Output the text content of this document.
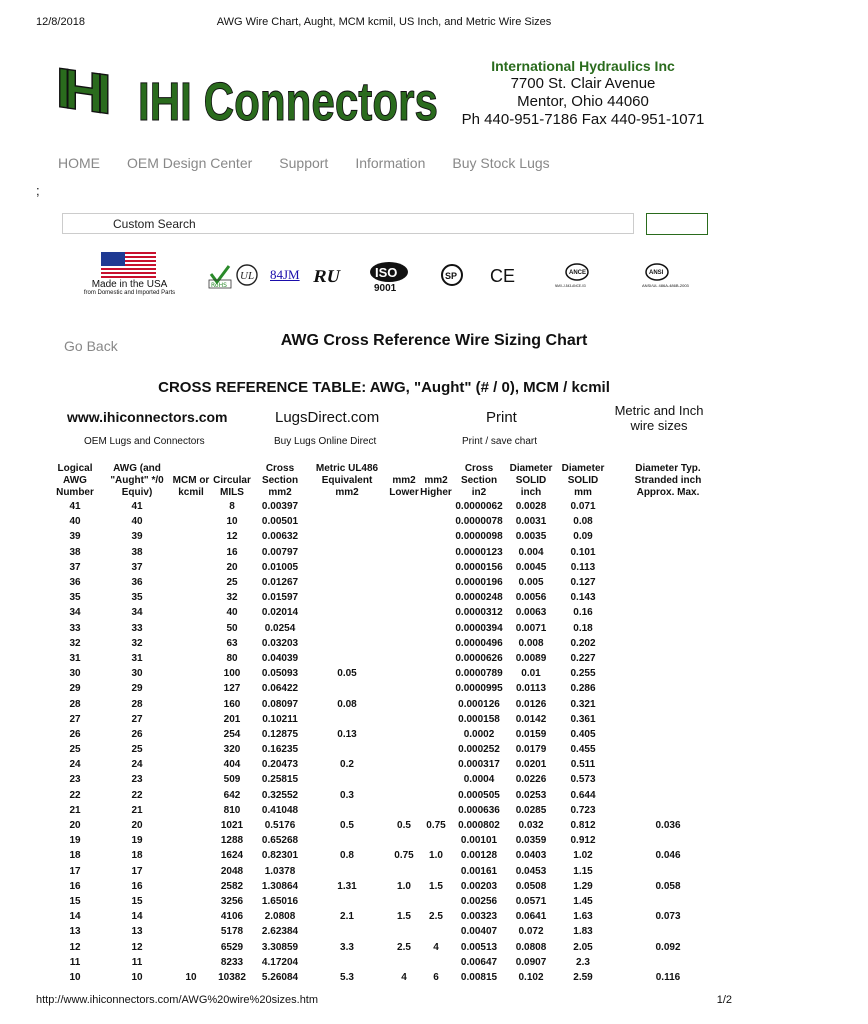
12/8/2018	AWG Wire Chart, Aught, MCM kcmil, US Inch, and Metric Wire Sizes
IHI IHI Connectors
International Hydraulics Inc
7700 St. Clair Avenue
Mentor, Ohio 44060
Ph 440-951-7186 Fax 440-951-1071
HOME OEM Design Center Support Information Buy Stock Lugs
;
Custom Search
Made in the USA
from Domestic and Imported Parts
RoHS
UL 84JM RU	ISO
9001
SP CE	ANCE
NMX-J-543-ANCE-03
ANSI
ANSI/UL 486A-486B-2003
Go Back	AWG Cross Reference Wire Sizing Chart
CROSS REFERENCE TABLE: AWG, "Aught" (# / 0), MCM / kcmil
www.ihiconnectors.com	LugsDirect.com	Print	Metric and Inch
wire sizes
OEM Lugs and Connectors	Buy Lugs Online Direct	Print / save chart
Logical
AWG
Number	AWG (and
"Aught" */0
Equiv)	MCM or
kcmil	Circular
MILS	Cross
Section
mm2	Metric UL486
Equivalent
mm2	mm2
Lower	mm2
Higher	Cross
Section
in2	Diameter
SOLID
inch	Diameter
SOLID
mm	Diameter Typ.
Stranded inch
Approx. Max.
41	41		8	0.00397				0.0000062	0.0028	0.071	
40	40		10	0.00501				0.0000078	0.0031	0.08	
39	39		12	0.00632				0.0000098	0.0035	0.09	
38	38		16	0.00797				0.0000123	0.004	0.101	
37	37		20	0.01005				0.0000156	0.0045	0.113	
36	36		25	0.01267				0.0000196	0.005	0.127	
35	35		32	0.01597				0.0000248	0.0056	0.143	
34	34		40	0.02014				0.0000312	0.0063	0.16	
33	33		50	0.0254				0.0000394	0.0071	0.18	
32	32		63	0.03203				0.0000496	0.008	0.202	
31	31		80	0.04039				0.0000626	0.0089	0.227	
30	30		100	0.05093	0.05			0.0000789	0.01	0.255	
29	29		127	0.06422				0.0000995	0.0113	0.286	
28	28		160	0.08097	0.08			0.000126	0.0126	0.321	
27	27		201	0.10211				0.000158	0.0142	0.361	
26	26		254	0.12875	0.13			0.0002	0.0159	0.405	
25	25		320	0.16235				0.000252	0.0179	0.455	
24	24		404	0.20473	0.2			0.000317	0.0201	0.511	
23	23		509	0.25815				0.0004	0.0226	0.573	
22	22		642	0.32552	0.3			0.000505	0.0253	0.644	
21	21		810	0.41048				0.000636	0.0285	0.723	
20	20		1021	0.5176	0.5	0.5	0.75	0.000802	0.032	0.812	0.036
19	19		1288	0.65268				0.00101	0.0359	0.912	
18	18		1624	0.82301	0.8	0.75	1.0	0.00128	0.0403	1.02	0.046
17	17		2048	1.0378				0.00161	0.0453	1.15	
16	16		2582	1.30864	1.31	1.0	1.5	0.00203	0.0508	1.29	0.058
15	15		3256	1.65016				0.00256	0.0571	1.45	
14	14		4106	2.0808	2.1	1.5	2.5	0.00323	0.0641	1.63	0.073
13	13		5178	2.62384				0.00407	0.072	1.83	
12	12		6529	3.30859	3.3	2.5	4	0.00513	0.0808	2.05	0.092
11	11		8233	4.17204				0.00647	0.0907	2.3	
10	10	10	10382	5.26084	5.3	4	6	0.00815	0.102	2.59	0.116
http://www.ihiconnectors.com/AWG%20wire%20sizes.htm	1/2
